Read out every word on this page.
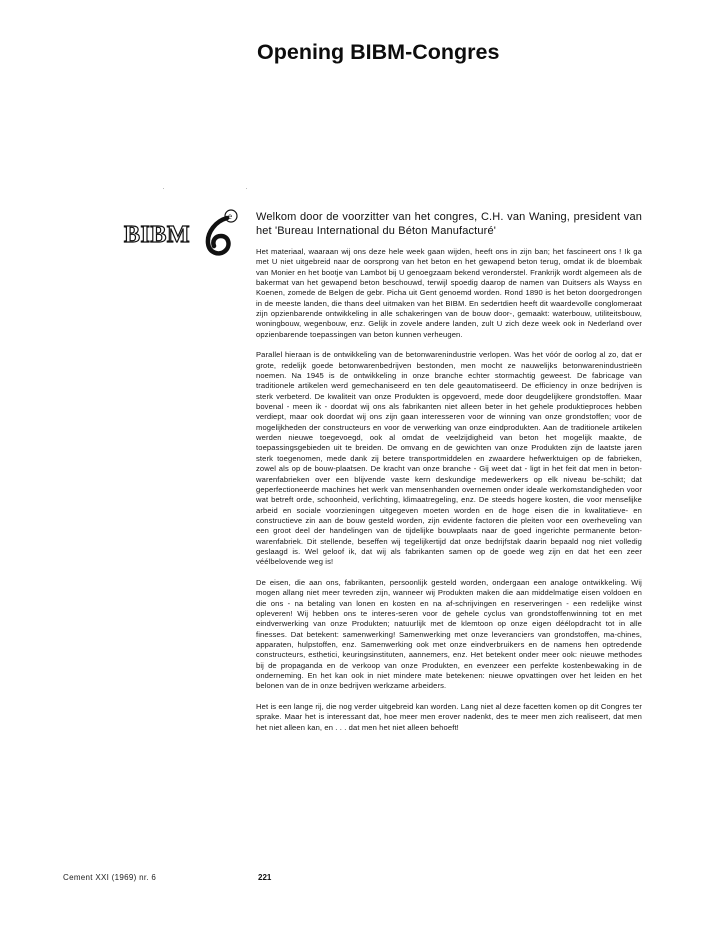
Opening BIBM-Congres
BIBM
e Welkom door de voorzitter van het congres, C.H. van Waning, president van het 'Bureau International du Béton Manufacturé'

Het materiaal, waaraan wij ons deze hele week gaan wijden, heeft ons in zijn ban; het fascineert ons ! Ik ga met U niet uitgebreid naar de oorsprong van het beton en het gewapend beton terug, omdat ik de bloembak van Monier en het bootje van Lambot bij U genoegzaam bekend veronderstel. Frankrijk wordt algemeen als de bakermat van het gewapend beton beschouwd, terwijl spoedig daarop de namen van Duitsers als Wayss en Koenen, zomede de Belgen de gebr. Picha uit Gent genoemd worden. Rond 1890 is het beton doorgedrongen in de meeste landen, die thans deel uitmaken van het BIBM. En sedertdien heeft dit waardevolle conglomeraat zijn opzienbarende ontwikkeling in alle schakeringen van de bouw door-, gemaakt: waterbouw, utiliteitsbouw, woningbouw, wegenbouw, enz. Gelijk in zovele andere landen, zult U zich deze week ook in Nederland over opzienbarende toepassingen van beton kunnen verheugen.

Parallel hieraan is de ontwikkeling van de betonwarenindustrie verlopen. Was het vóór de oorlog al zo, dat er grote, redelijk goede betonwarenbedrijven bestonden, men mocht ze nauwelijks betonwarenindustrieën noemen. Na 1945 is de ontwikkeling in onze branche echter stormachtig geweest. De fabricage van traditionele artikelen werd gemechaniseerd en ten dele geautomatiseerd. De efficiency in onze bedrijven is sterk verbeterd. De kwaliteit van onze Produkten is opgevoerd, mede door deugdelijkere grondstoffen. Maar bovenal - meen ik - doordat wij ons als fabrikanten niet alleen beter in het gehele produktieproces hebben verdiept, maar ook doordat wij ons zijn gaan interesseren voor de winning van onze grondstoffen; voor de mogelijkheden der constructeurs en voor de verwerking van onze eindprodukten. Aan de traditionele artikelen werden nieuwe toegevoegd, ook al omdat de veelzijdigheid van beton het mogelijk maakte, de toepassingsgebieden uit te breiden. De omvang en de gewichten van onze Produkten zijn de laatste jaren sterk toegenomen, mede dank zij betere transportmiddelen en zwaardere hefwerktuigen op de fabrieken, zowel als op de bouw-plaatsen. De kracht van onze branche - Gij weet dat - ligt in het feit dat men in beton-warenfabrieken over een blijvende vaste kern deskundige medewerkers op elk niveau be-schikt; dat geperfectioneerde machines het werk van mensenhanden overnemen onder ideale werkomstandigheden voor wat betreft orde, schoonheid, verlichting, klimaatregeling, enz. De steeds hogere kosten, die voor menselijke arbeid en sociale voorzieningen uitgegeven moeten worden en de hoge eisen die in kwalitatieve- en constructieve zin aan de bouw gesteld worden, zijn evidente factoren die pleiten voor een overheveling van een groot deel der handelingen van de tijdelijke bouwplaats naar de goed ingerichte permanente beton-warenfabriek. Dit stellende, beseffen wij tegelijkertijd dat onze bedrijfstak daarin bepaald nog niet volledig geslaagd is. Wel geloof ik, dat wij als fabrikanten samen op de goede weg zijn en dat het een zeer véélbelovende weg is!

De eisen, die aan ons, fabrikanten, persoonlijk gesteld worden, ondergaan een analoge ontwikkeling. Wij mogen allang niet meer tevreden zijn, wanneer wij Produkten maken die aan middelmatige eisen voldoen en die ons - na betaling van lonen en kosten en na af-schrijvingen en reserveringen - een redelijke winst opleveren! Wij hebben ons te interes-seren voor de gehele cyclus van grondstoffenwinning tot en met eindverwerking van onze Produkten; natuurlijk met de klemtoon op onze eigen déélopdracht tot in alle finesses. Dat betekent: samenwerking! Samenwerking met onze leveranciers van grondstoffen, ma-chines, apparaten, hulpstoffen, enz. Samenwerking ook met onze eindverbruikers en de namens hen optredende constructeurs, esthetici, keuringsinstituten, aannemers, enz. Het betekent onder meer ook: nieuwe methodes bij de propaganda en de verkoop van onze Produkten, en evenzeer een perfekte kostenbewaking in de onderneming. En het kan ook in niet mindere mate betekenen: nieuwe opvattingen over het leiden en het belonen van de in onze bedrijven werkzame arbeiders.

Het is een lange rij, die nog verder uitgebreid kan worden. Lang niet al deze facetten komen op dit Congres ter sprake. Maar het is interessant dat, hoe meer men erover nadenkt, des te meer men zich realiseert, dat men het niet alleen kan, en . . . dat men het niet alleen behoeft!

Cement XXI (1969) nr. 6	221
